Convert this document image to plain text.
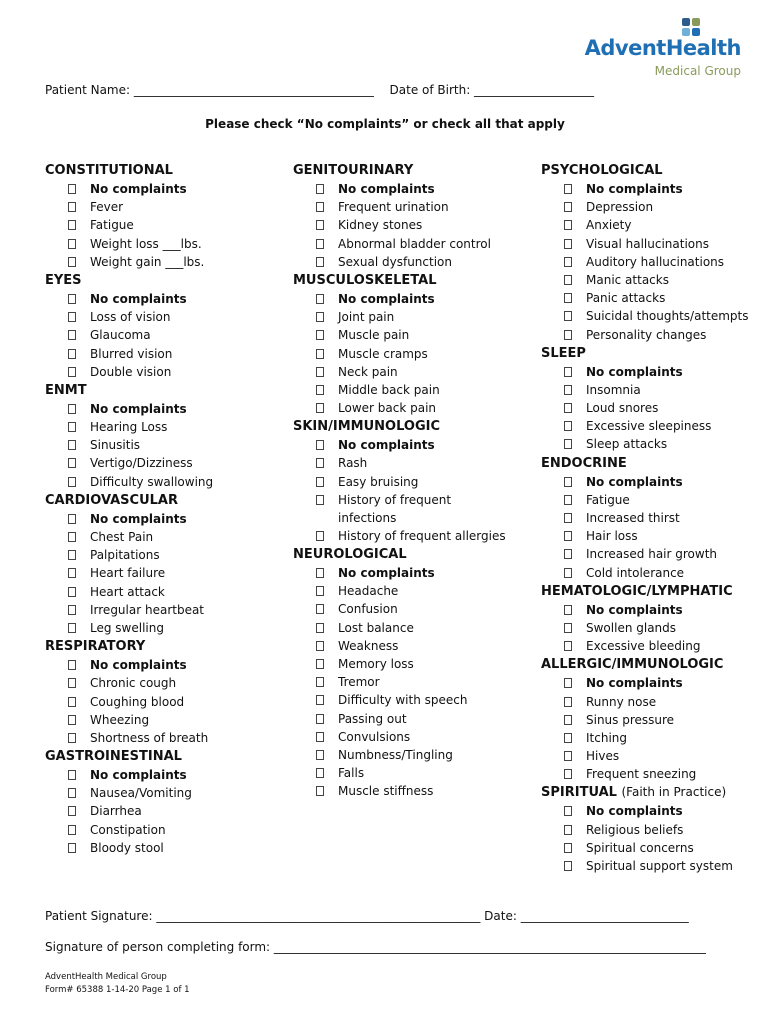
AdventHealth
Medical Group
Patient Name: ________________________________________ Date of Birth: ____________________
Please check “No complaints” or check all that apply
CONSTITUTIONAL
No complaints
Fever
Fatigue
Weight loss ___lbs.
Weight gain ___lbs.
EYES
No complaints
Loss of vision
Glaucoma
Blurred vision
Double vision
ENMT
No complaints
Hearing Loss
Sinusitis
Vertigo/Dizziness
Difficulty swallowing
CARDIOVASCULAR
No complaints
Chest Pain
Palpitations
Heart failure
Heart attack
Irregular heartbeat
Leg swelling
RESPIRATORY
No complaints
Chronic cough
Coughing blood
Wheezing
Shortness of breath
GASTROINESTINAL
No complaints
Nausea/Vomiting
Diarrhea
Constipation
Bloody stool
GENITOURINARY
No complaints
Frequent urination
Kidney stones
Abnormal bladder control
Sexual dysfunction
MUSCULOSKELETAL
No complaints
Joint pain
Muscle pain
Muscle cramps
Neck pain
Middle back pain
Lower back pain
SKIN/IMMUNOLOGIC
No complaints
Rash
Easy bruising
History of frequent infections
History of frequent allergies
NEUROLOGICAL
No complaints
Headache
Confusion
Lost balance
Weakness
Memory loss
Tremor
Difficulty with speech
Passing out
Convulsions
Numbness/Tingling
Falls
Muscle stiffness
PSYCHOLOGICAL
No complaints
Depression
Anxiety
Visual hallucinations
Auditory hallucinations
Manic attacks
Panic attacks
Suicidal thoughts/attempts
Personality changes
SLEEP
No complaints
Insomnia
Loud snores
Excessive sleepiness
Sleep attacks
ENDOCRINE
No complaints
Fatigue
Increased thirst
Hair loss
Increased hair growth
Cold intolerance
HEMATOLOGIC/LYMPHATIC
No complaints
Swollen glands
Excessive bleeding
ALLERGIC/IMMUNOLOGIC
No complaints
Runny nose
Sinus pressure
Itching
Hives
Frequent sneezing
SPIRITUAL (Faith in Practice)
No complaints
Religious beliefs
Spiritual concerns
Spiritual support system
Patient Signature: ______________________________________________________ Date: ____________________________
Signature of person completing form: ________________________________________________________________________
AdventHealth Medical Group
Form# 65388 1-14-20 Page 1 of 1
